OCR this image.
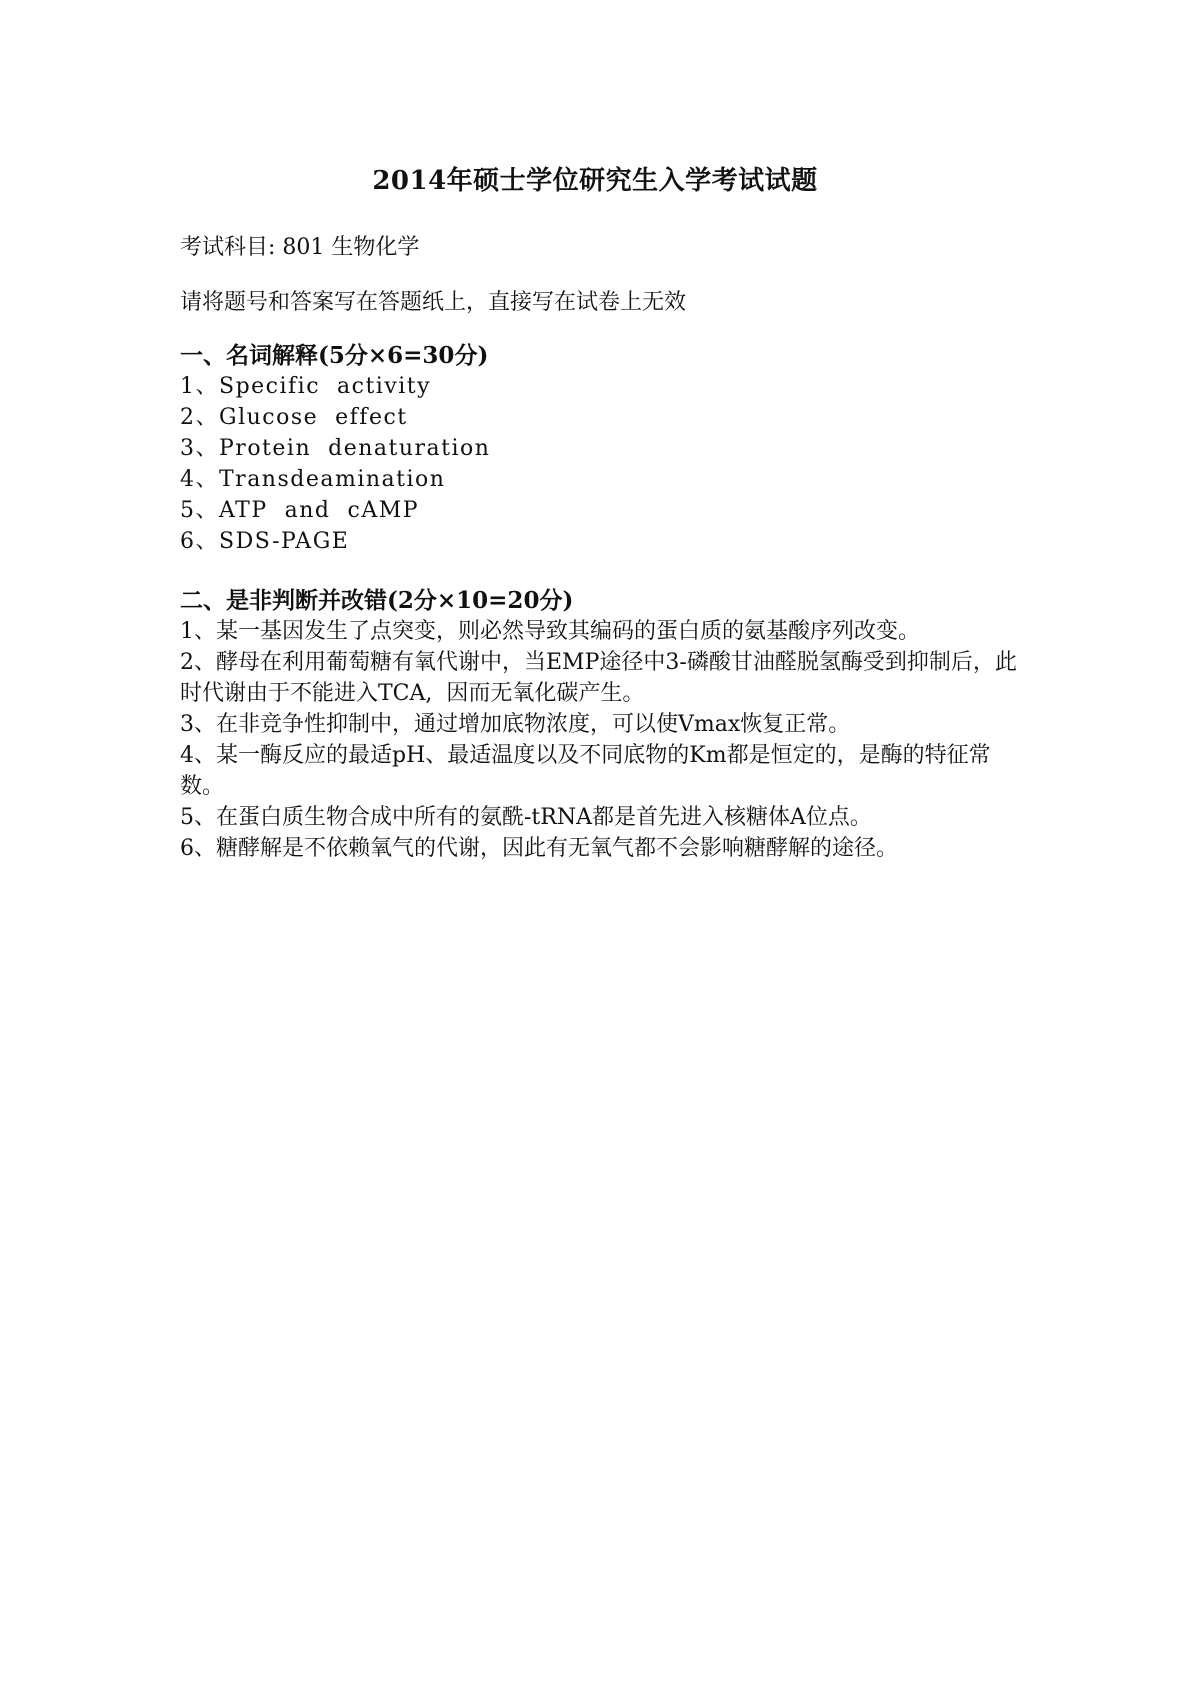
2014年硕士学位研究生入学考试试题
考试科目: 801 生物化学
请将题号和答案写在答题纸上，直接写在试卷上无效
一、名词解释(5分×6=30分)
1、Specific  activity
2、Glucose  effect
3、Protein  denaturation
4、Transdeamination
5、ATP  and  cAMP
6、SDS-PAGE
二、是非判断并改错(2分×10=20分)
1、某一基因发生了点突变，则必然导致其编码的蛋白质的氨基酸序列改变。
2、酵母在利用葡萄糖有氧代谢中，当EMP途径中3-磷酸甘油醛脱氢酶受到抑制后，此时代谢由于不能进入TCA,  因而无氧化碳产生。
3、在非竞争性抑制中，通过增加底物浓度，可以使Vmax恢复正常。
4、某一酶反应的最适pH、最适温度以及不同底物的Km都是恒定的，是酶的特征常数。
5、在蛋白质生物合成中所有的氨酰-tRNA都是首先进入核糖体A位点。
6、糖酵解是不依赖氧气的代谢，因此有无氧气都不会影响糖酵解的途径。
